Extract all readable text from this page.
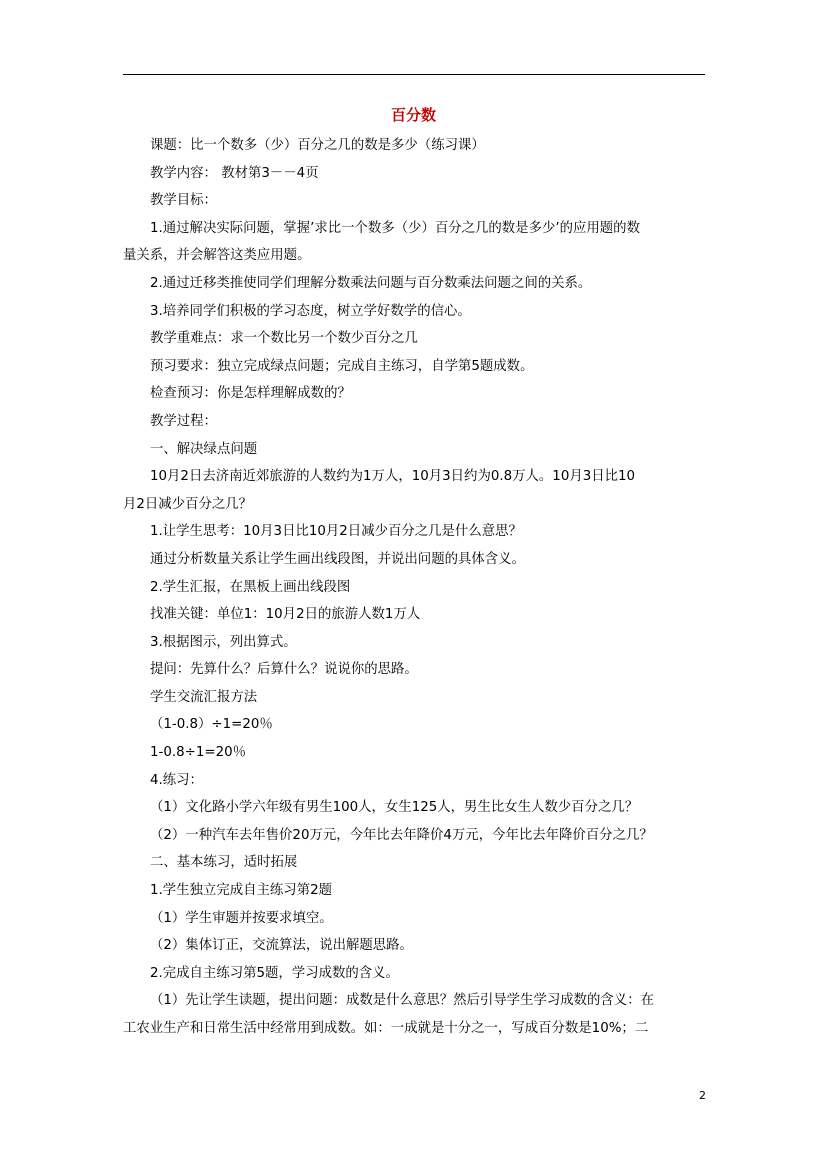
百分数
课题：比一个数多（少）百分之几的数是多少（练习课）
教学内容： 教材第3－－4页
教学目标：
1.通过解决实际问题，掌握’求比一个数多（少）百分之几的数是多少’的应用题的数
量关系，并会解答这类应用题。
2.通过迁移类推使同学们理解分数乘法问题与百分数乘法问题之间的关系。
3.培养同学们积极的学习态度，树立学好数学的信心。
教学重难点：求一个数比另一个数少百分之几
预习要求：独立完成绿点问题；完成自主练习，自学第5题成数。
检查预习：你是怎样理解成数的？
教学过程：
一、解决绿点问题
10月2日去济南近郊旅游的人数约为1万人，10月3日约为0.8万人。10月3日比10
月2日减少百分之几？
1.让学生思考：10月3日比10月2日减少百分之几是什么意思？
通过分析数量关系让学生画出线段图，并说出问题的具体含义。
2.学生汇报，在黑板上画出线段图
找准关键：单位1：10月2日的旅游人数1万人
3.根据图示，列出算式。
提问：先算什么？后算什么？说说你的思路。
学生交流汇报方法
（1-0.8）÷1=20％
1-0.8÷1=20％
4.练习：
（1）文化路小学六年级有男生100人，女生125人，男生比女生人数少百分之几？
（2）一种汽车去年售价20万元，今年比去年降价4万元，今年比去年降价百分之几？
二、基本练习，适时拓展
1.学生独立完成自主练习第2题
（1）学生审题并按要求填空。
（2）集体订正，交流算法，说出解题思路。
2.完成自主练习第5题，学习成数的含义。
（1）先让学生读题，提出问题：成数是什么意思？然后引导学生学习成数的含义：在
工农业生产和日常生活中经常用到成数。如：一成就是十分之一，写成百分数是10%；二
2
